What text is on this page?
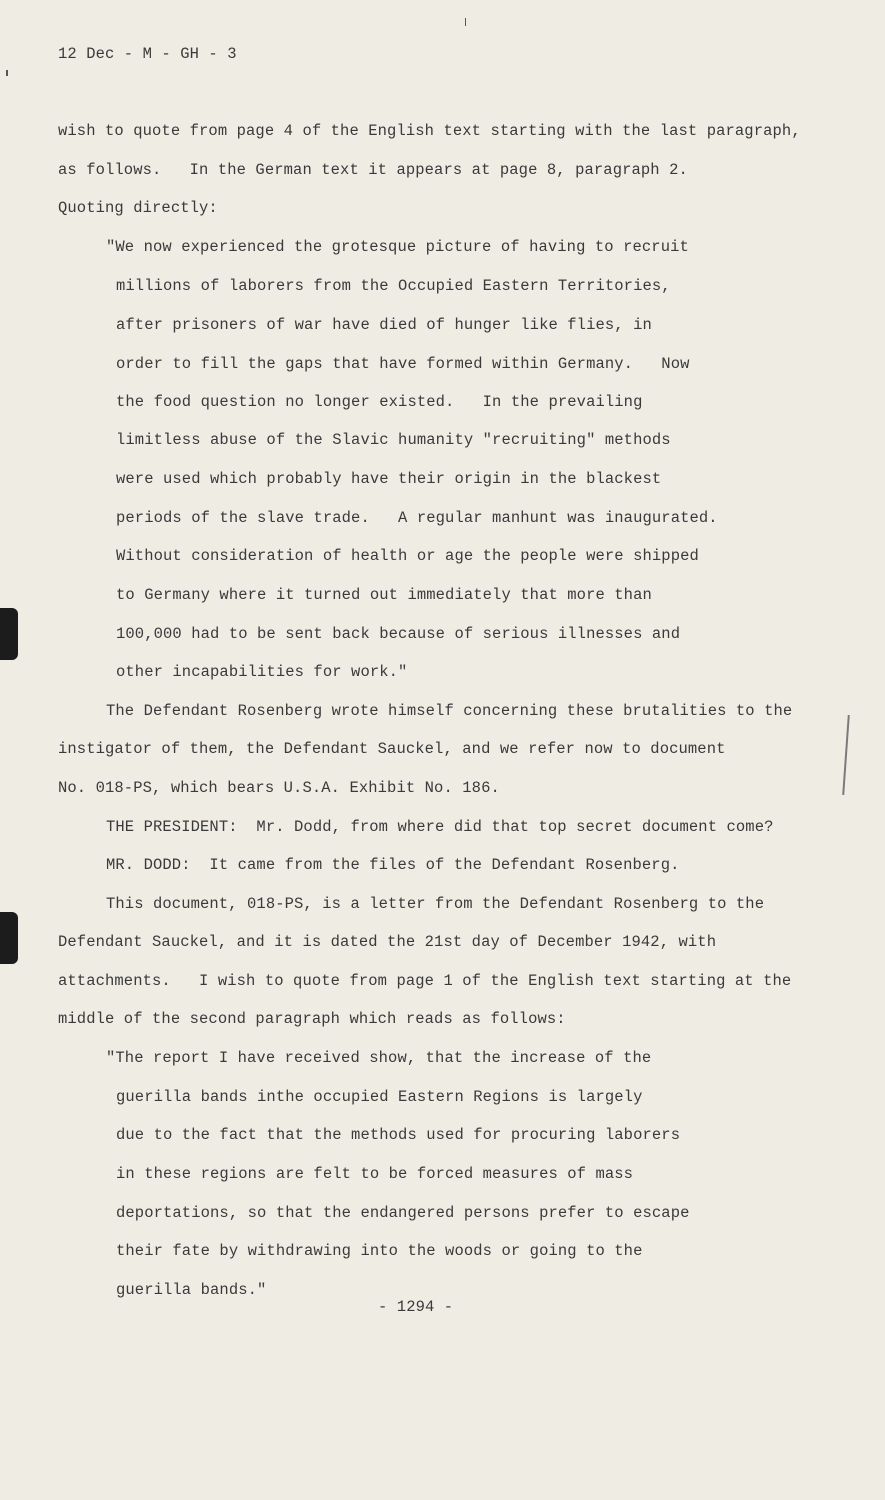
12 Dec - M - GH - 3
wish to quote from page 4 of the English text starting with the last paragraph,
as follows.   In the German text it appears at page 8, paragraph 2.
Quoting directly:
"We now experienced the grotesque picture of having to recruit
millions of laborers from the Occupied Eastern Territories,
after prisoners of war have died of hunger like flies, in
order to fill the gaps that have formed within Germany.   Now
the food question no longer existed.   In the prevailing
limitless abuse of the Slavic humanity "recruiting" methods
were used which probably have their origin in the blackest
periods of the slave trade.   A regular manhunt was inaugurated.
Without consideration of health or age the people were shipped
to Germany where it turned out immediately that more than
100,000 had to be sent back because of serious illnesses and
other incapabilities for work."
The Defendant Rosenberg wrote himself concerning these brutalities to the
instigator of them, the Defendant Sauckel, and we refer now to document
No. 018-PS, which bears U.S.A. Exhibit No. 186.
THE PRESIDENT:  Mr. Dodd, from where did that top secret document come?
MR. DODD:  It came from the files of the Defendant Rosenberg.
This document, 018-PS, is a letter from the Defendant Rosenberg to the
Defendant Sauckel, and it is dated the 21st day of December 1942, with
attachments.   I wish to quote from page 1 of the English text starting at the
middle of the second paragraph which reads as follows:
"The report I have received show, that the increase of the
guerilla bands inthe occupied Eastern Regions is largely
due to the fact that the methods used for procuring laborers
in these regions are felt to be forced measures of mass
deportations, so that the endangered persons prefer to escape
their fate by withdrawing into the woods or going to the
guerilla bands."
- 1294 -
